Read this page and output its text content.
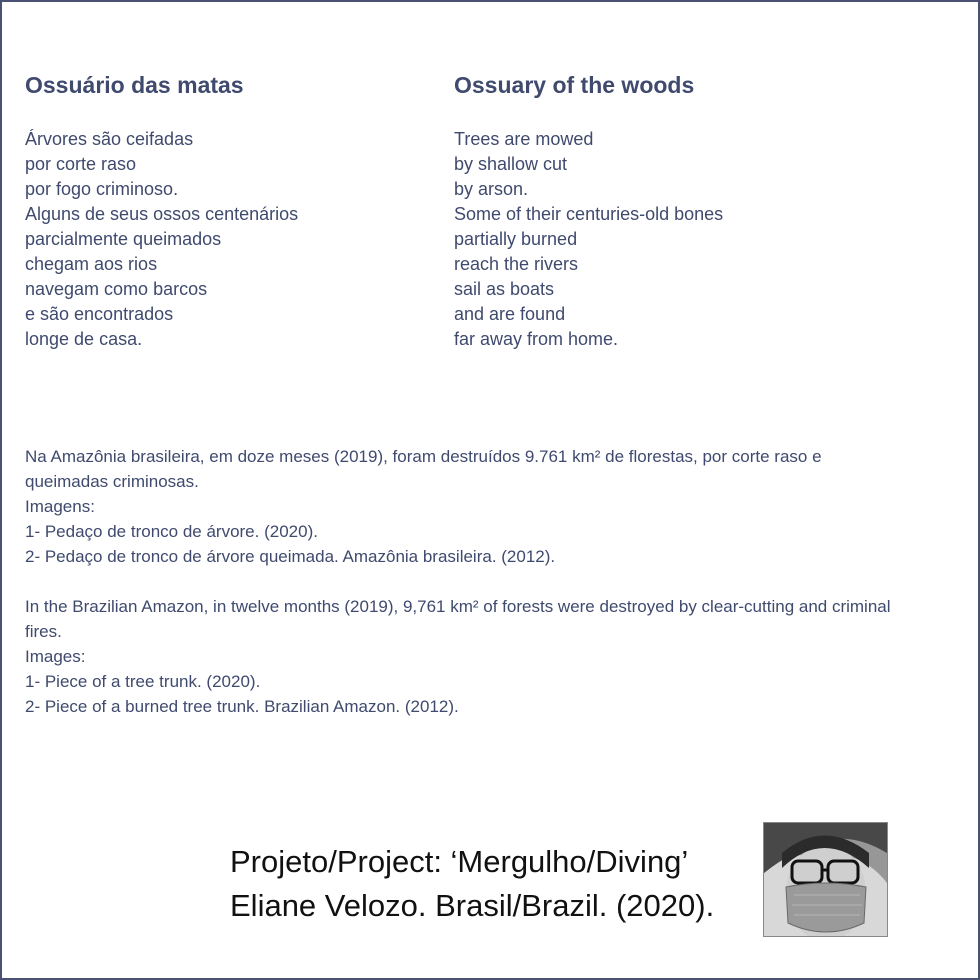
Ossuário das matas

Árvores são ceifadas

por corte raso

por fogo criminoso.

Alguns de seus ossos centenários

parcialmente queimados

chegam aos rios

navegam como barcos

e são encontrados

longe de casa.

Ossuary of the woods

Trees are mowed

by shallow cut

by arson.

Some of their centuries-old bones

partially burned

reach the rivers

sail as boats

and are found

far away from home.

Na Amazônia brasileira, em doze meses (2019), foram destruídos 9.761 km² de florestas, por corte raso e queimadas criminosas.

Imagens:

1- Pedaço de tronco de árvore. (2020).

2- Pedaço de tronco de árvore queimada. Amazônia brasileira. (2012).

In the Brazilian Amazon, in twelve months (2019), 9,761 km² of forests were destroyed by clear-cutting and criminal fires.

Images:

1- Piece of a tree trunk. (2020).

2- Piece of a burned tree trunk. Brazilian Amazon. (2012).

Projeto/Project: ‘Mergulho/Diving’
Eliane Velozo. Brasil/Brazil. (2020).
